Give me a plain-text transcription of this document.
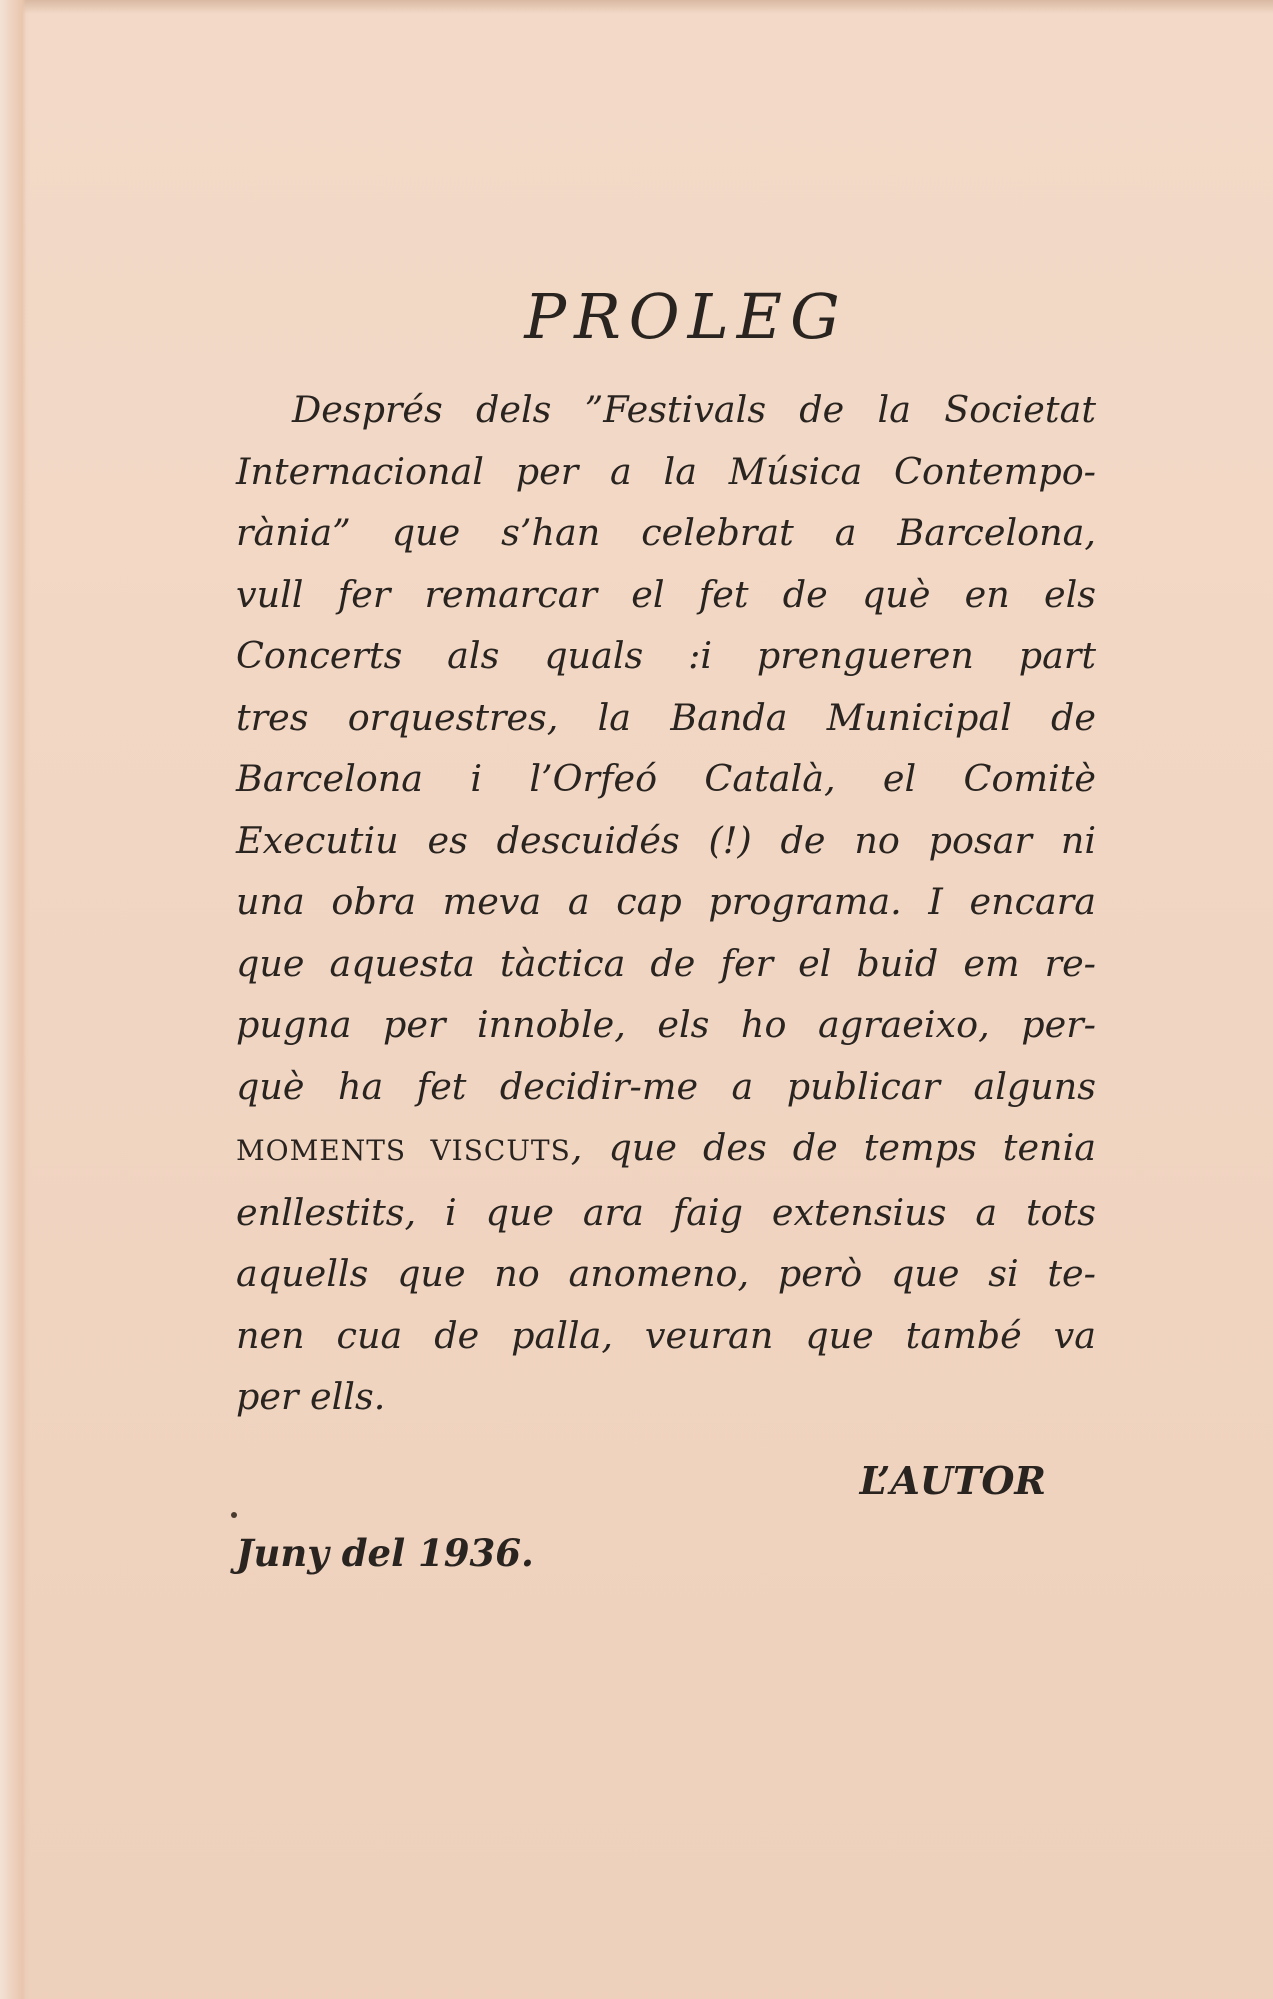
PROLEG
Després dels ”Festivals de la Societat
Internacional per a la Música Contempo-
rània” que s’han celebrat a Barcelona,
vull fer remarcar el fet de què en els
Concerts als quals :i prengueren part
tres orquestres, la Banda Municipal de
Barcelona i l’Orfeó Català, el Comitè
Executiu es descuidés (!) de no posar ni
una obra meva a cap programa. I encara
que aquesta tàctica de fer el buid em re-
pugna per innoble, els ho agraeixo, per-
què ha fet decidir-me a publicar alguns
MOMENTS VISCUTS, que des de temps tenia
enllestits, i que ara faig extensius a tots
aquells que no anomeno, però que si te-
nen cua de palla, veuran que també va
per ells.
L’AUTOR
Juny del 1936.
